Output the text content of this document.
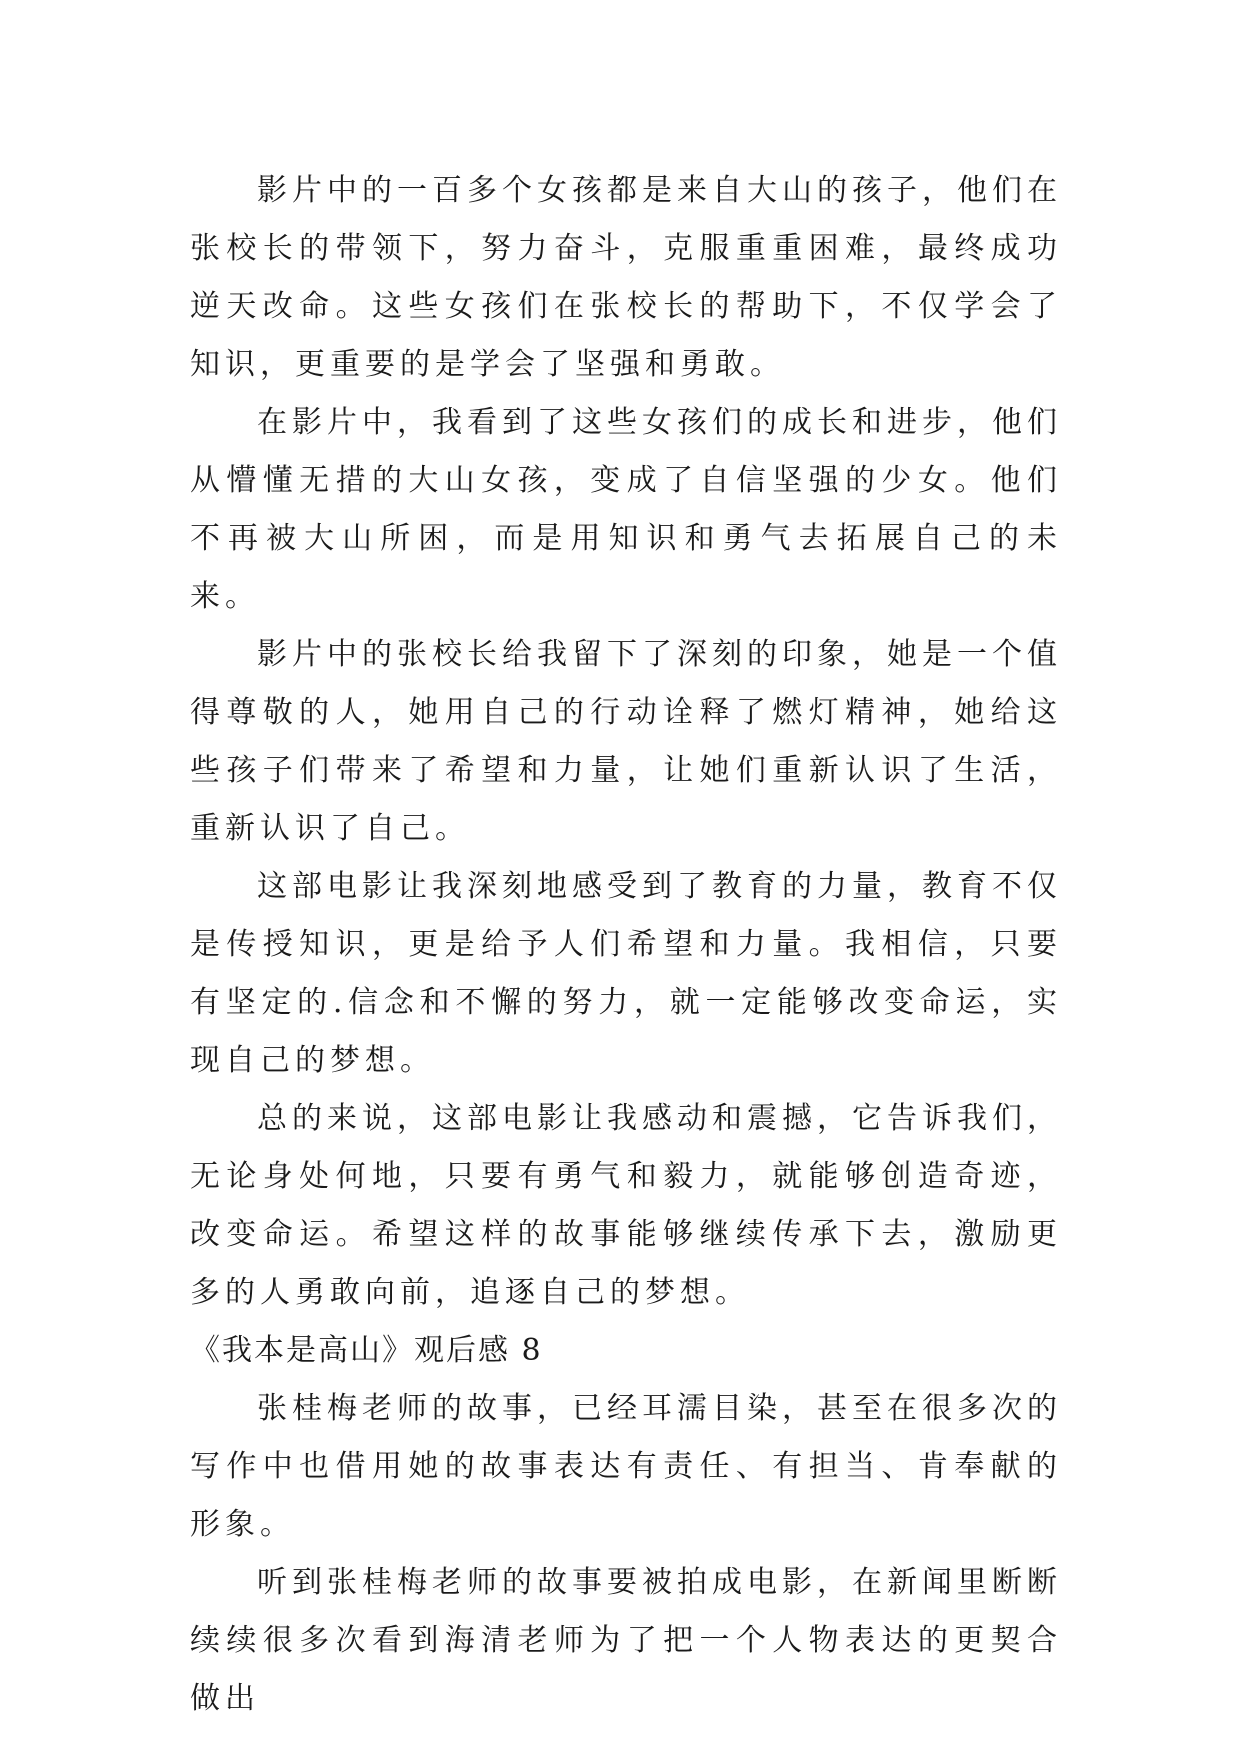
影片中的一百多个女孩都是来自大山的孩子，他们在张校长的带领下，努力奋斗，克服重重困难，最终成功逆天改命。这些女孩们在张校长的帮助下，不仅学会了知识，更重要的是学会了坚强和勇敢。

在影片中，我看到了这些女孩们的成长和进步，他们从懵懂无措的大山女孩，变成了自信坚强的少女。他们不再被大山所困，而是用知识和勇气去拓展自己的未来。

影片中的张校长给我留下了深刻的印象，她是一个值得尊敬的人，她用自己的行动诠释了燃灯精神，她给这些孩子们带来了希望和力量，让她们重新认识了生活，重新认识了自己。

这部电影让我深刻地感受到了教育的力量，教育不仅是传授知识，更是给予人们希望和力量。我相信，只要有坚定的.信念和不懈的努力，就一定能够改变命运，实现自己的梦想。

总的来说，这部电影让我感动和震撼，它告诉我们，无论身处何地，只要有勇气和毅力，就能够创造奇迹，改变命运。希望这样的故事能够继续传承下去，激励更多的人勇敢向前，追逐自己的梦想。

《我本是高山》观后感 8

张桂梅老师的故事，已经耳濡目染，甚至在很多次的写作中也借用她的故事表达有责任、有担当、肯奉献的形象。

听到张桂梅老师的故事要被拍成电影，在新闻里断断续续很多次看到海清老师为了把一个人物表达的更契合做出
